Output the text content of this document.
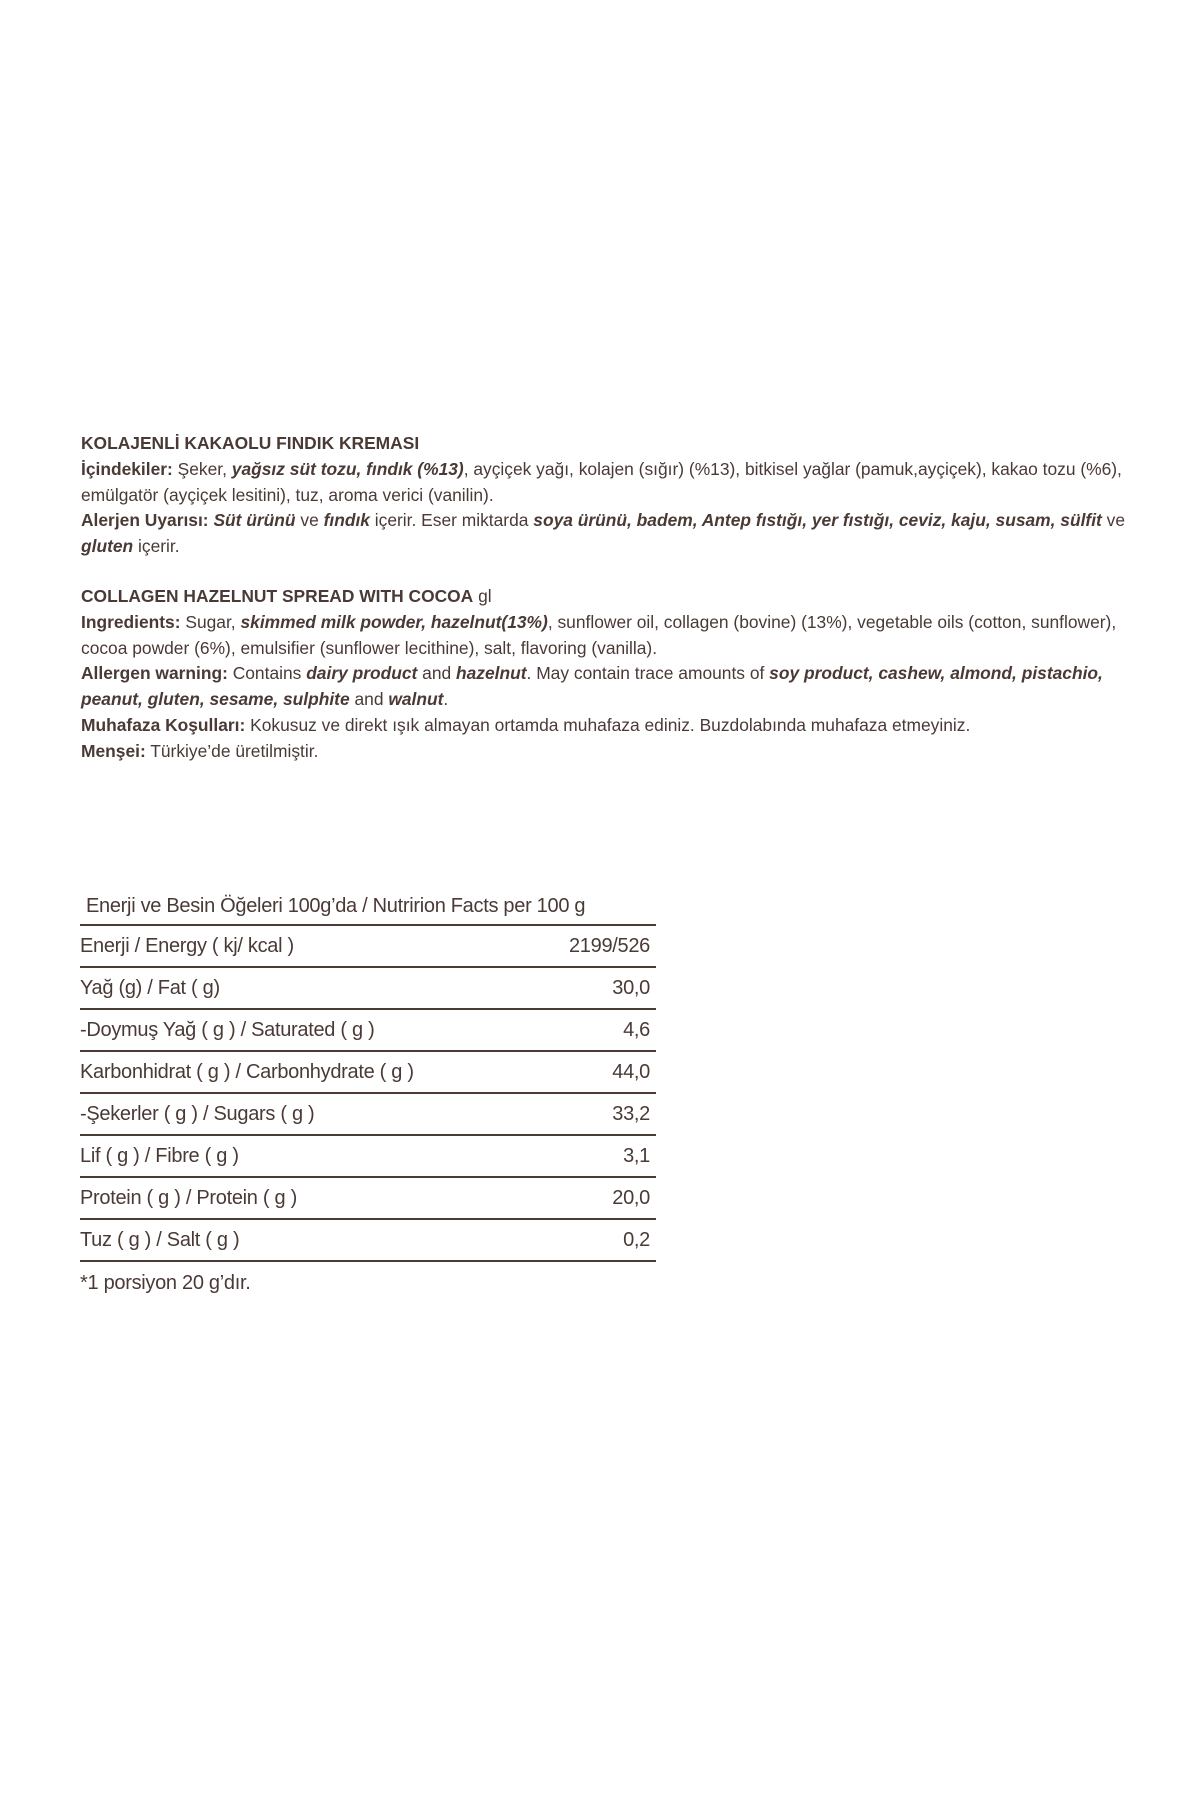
KOLAJENLİ KAKAOLU FINDIK KREMASI

İçindekiler: Şeker, yağsız süt tozu, fındık (%13), ayçiçek yağı, kolajen (sığır) (%13), bitkisel yağlar (pamuk,ayçiçek), kakao tozu (%6), emülgatör (ayçiçek lesitini), tuz, aroma verici (vanilin).

Alerjen Uyarısı: Süt ürünü ve fındık içerir. Eser miktarda soya ürünü, badem, Antep fıstığı, yer fıstığı, ceviz, kaju, susam, sülfit ve gluten içerir.

COLLAGEN HAZELNUT SPREAD WITH COCOA gl

Ingredients: Sugar, skimmed milk powder, hazelnut(13%), sunflower oil, collagen (bovine) (13%), vegetable oils (cotton, sunflower), cocoa powder (6%), emulsifier (sunflower lecithine), salt, flavoring (vanilla).

Allergen warning: Contains dairy product and hazelnut. May contain trace amounts of soy product, cashew, almond, pistachio, peanut, gluten, sesame, sulphite and walnut.

Muhafaza Koşulları: Kokusuz ve direkt ışık almayan ortamda muhafaza ediniz. Buzdolabında muhafaza etmeyiniz.

Menşei: Türkiye’de üretilmiştir.

Enerji ve Besin Öğeleri 100g’da / Nutririon Facts per 100 g
Enerji / Energy ( kj/ kcal )	2199/526
Yağ (g) / Fat ( g)	30,0
-Doymuş Yağ ( g ) / Saturated ( g )	4,6
Karbonhidrat ( g ) / Carbonhydrate ( g )	44,0
-Şekerler ( g ) / Sugars ( g )	33,2
Lif ( g ) / Fibre ( g )	3,1
Protein ( g ) / Protein ( g )	20,0
Tuz ( g ) / Salt ( g )	0,2
*1 porsiyon 20 g’dır.
